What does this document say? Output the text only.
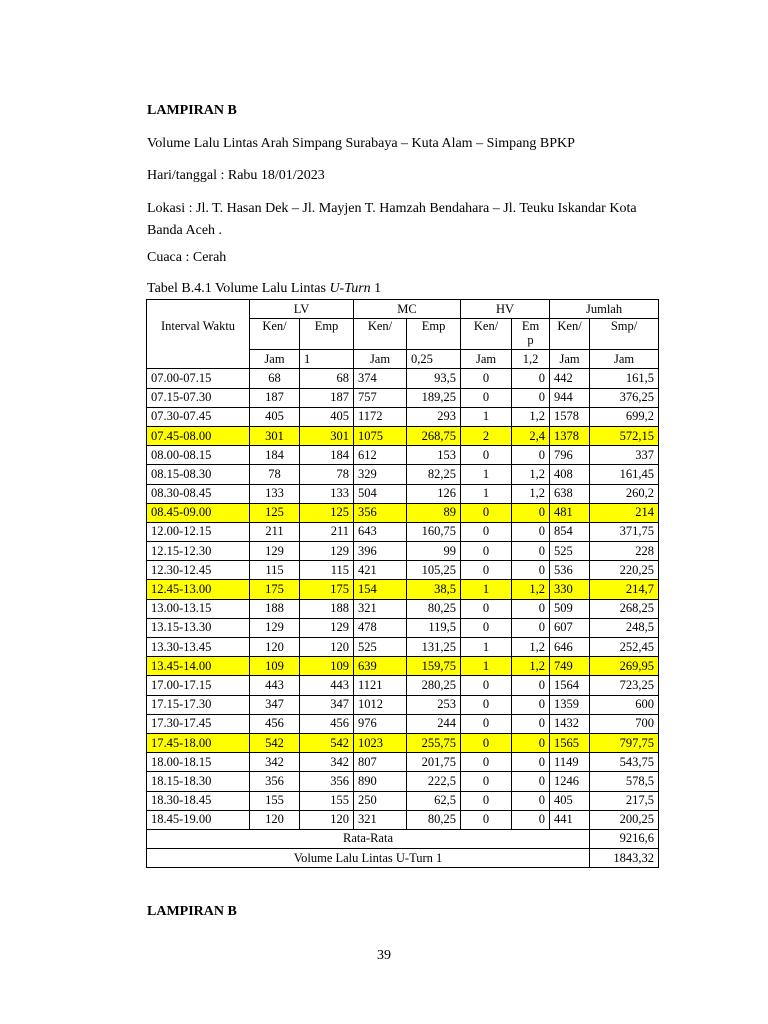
LAMPIRAN B
Volume Lalu Lintas Arah Simpang Surabaya – Kuta Alam – Simpang BPKP
Hari/tanggal : Rabu 18/01/2023
Lokasi : Jl. T. Hasan Dek – Jl. Mayjen T. Hamzah Bendahara – Jl. Teuku Iskandar Kota Banda Aceh .
Cuaca : Cerah
Tabel B.4.1 Volume Lalu Lintas U-Turn 1
	LV		MC		HV		Jumlah	
Interval Waktu	Ken/	Emp	Ken/	Emp	Ken/	Em p	Ken/	Smp/
	Jam	1	Jam	0,25	Jam	1,2	Jam	Jam
07.00-07.15	68	68	374	93,5	0	0	442	161,5
07.15-07.30	187	187	757	189,25	0	0	944	376,25
07.30-07.45	405	405	1172	293	1	1,2	1578	699,2
07.45-08.00	301	301	1075	268,75	2	2,4	1378	572,15
08.00-08.15	184	184	612	153	0	0	796	337
08.15-08.30	78	78	329	82,25	1	1,2	408	161,45
08.30-08.45	133	133	504	126	1	1,2	638	260,2
08.45-09.00	125	125	356	89	0	0	481	214
12.00-12.15	211	211	643	160,75	0	0	854	371,75
12.15-12.30	129	129	396	99	0	0	525	228
12.30-12.45	115	115	421	105,25	0	0	536	220,25
12.45-13.00	175	175	154	38,5	1	1,2	330	214,7
13.00-13.15	188	188	321	80,25	0	0	509	268,25
13.15-13.30	129	129	478	119,5	0	0	607	248,5
13.30-13.45	120	120	525	131,25	1	1,2	646	252,45
13.45-14.00	109	109	639	159,75	1	1,2	749	269,95
17.00-17.15	443	443	1121	280,25	0	0	1564	723,25
17.15-17.30	347	347	1012	253	0	0	1359	600
17.30-17.45	456	456	976	244	0	0	1432	700
17.45-18.00	542	542	1023	255,75	0	0	1565	797,75
18.00-18.15	342	342	807	201,75	0	0	1149	543,75
18.15-18.30	356	356	890	222,5	0	0	1246	578,5
18.30-18.45	155	155	250	62,5	0	0	405	217,5
18.45-19.00	120	120	321	80,25	0	0	441	200,25
Rata-Rata								9216,6
Volume Lalu Lintas U-Turn 1								1843,32
LAMPIRAN B
39
